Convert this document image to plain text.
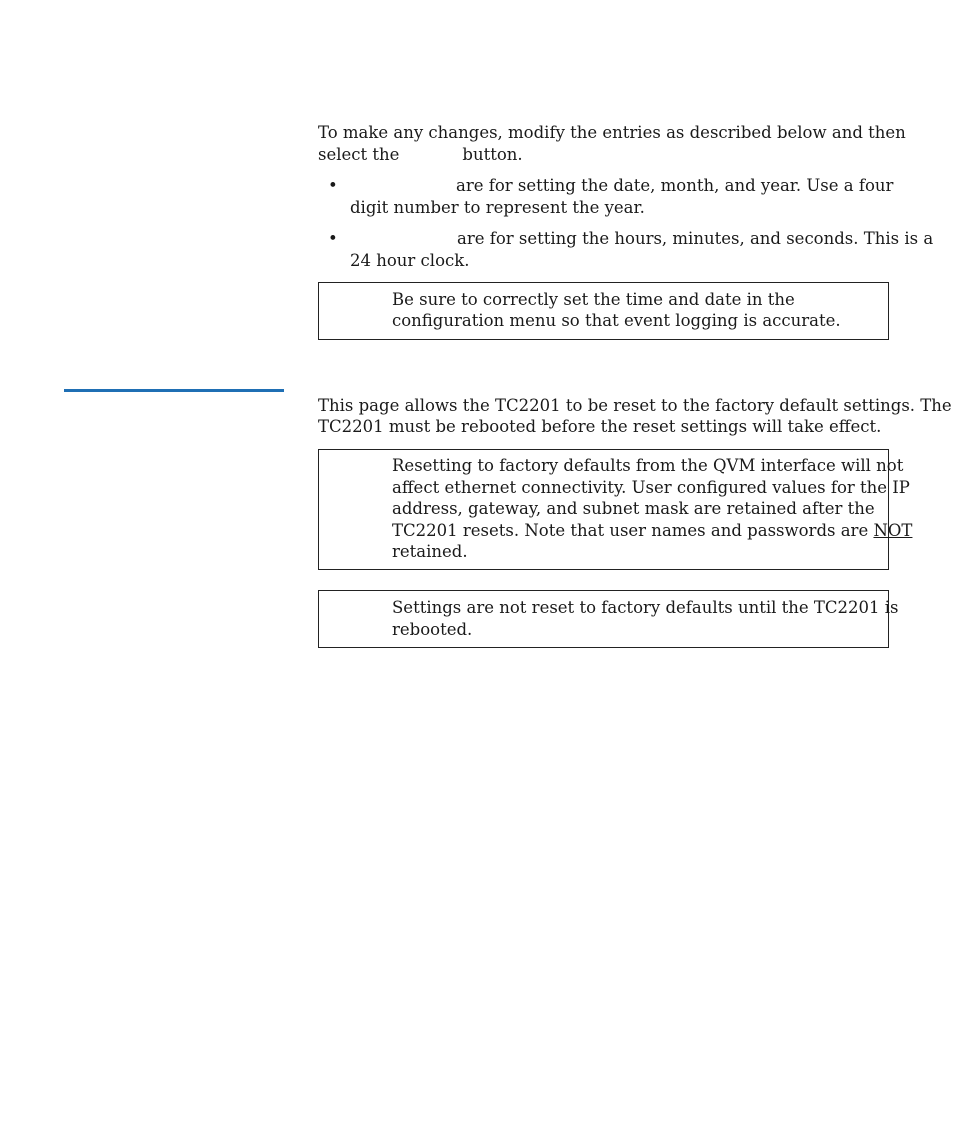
To make any changes, modify the entries as described below and then
select the	button.
•	are for setting the date, month, and year. Use a four
digit number to represent the year.
•	are for setting the hours, minutes, and seconds. This is a
24 hour clock.
Be sure to correctly set the time and date in the
configuration menu so that event logging is accurate.
This page allows the TC2201 to be reset to the factory default settings. The
TC2201 must be rebooted before the reset settings will take effect.
Resetting to factory defaults from the QVM interface will not
affect ethernet connectivity. User configured values for the IP
address, gateway, and subnet mask are retained after the
TC2201 resets. Note that user names and passwords are NOT
retained.
Settings are not reset to factory defaults until the TC2201 is
rebooted.
